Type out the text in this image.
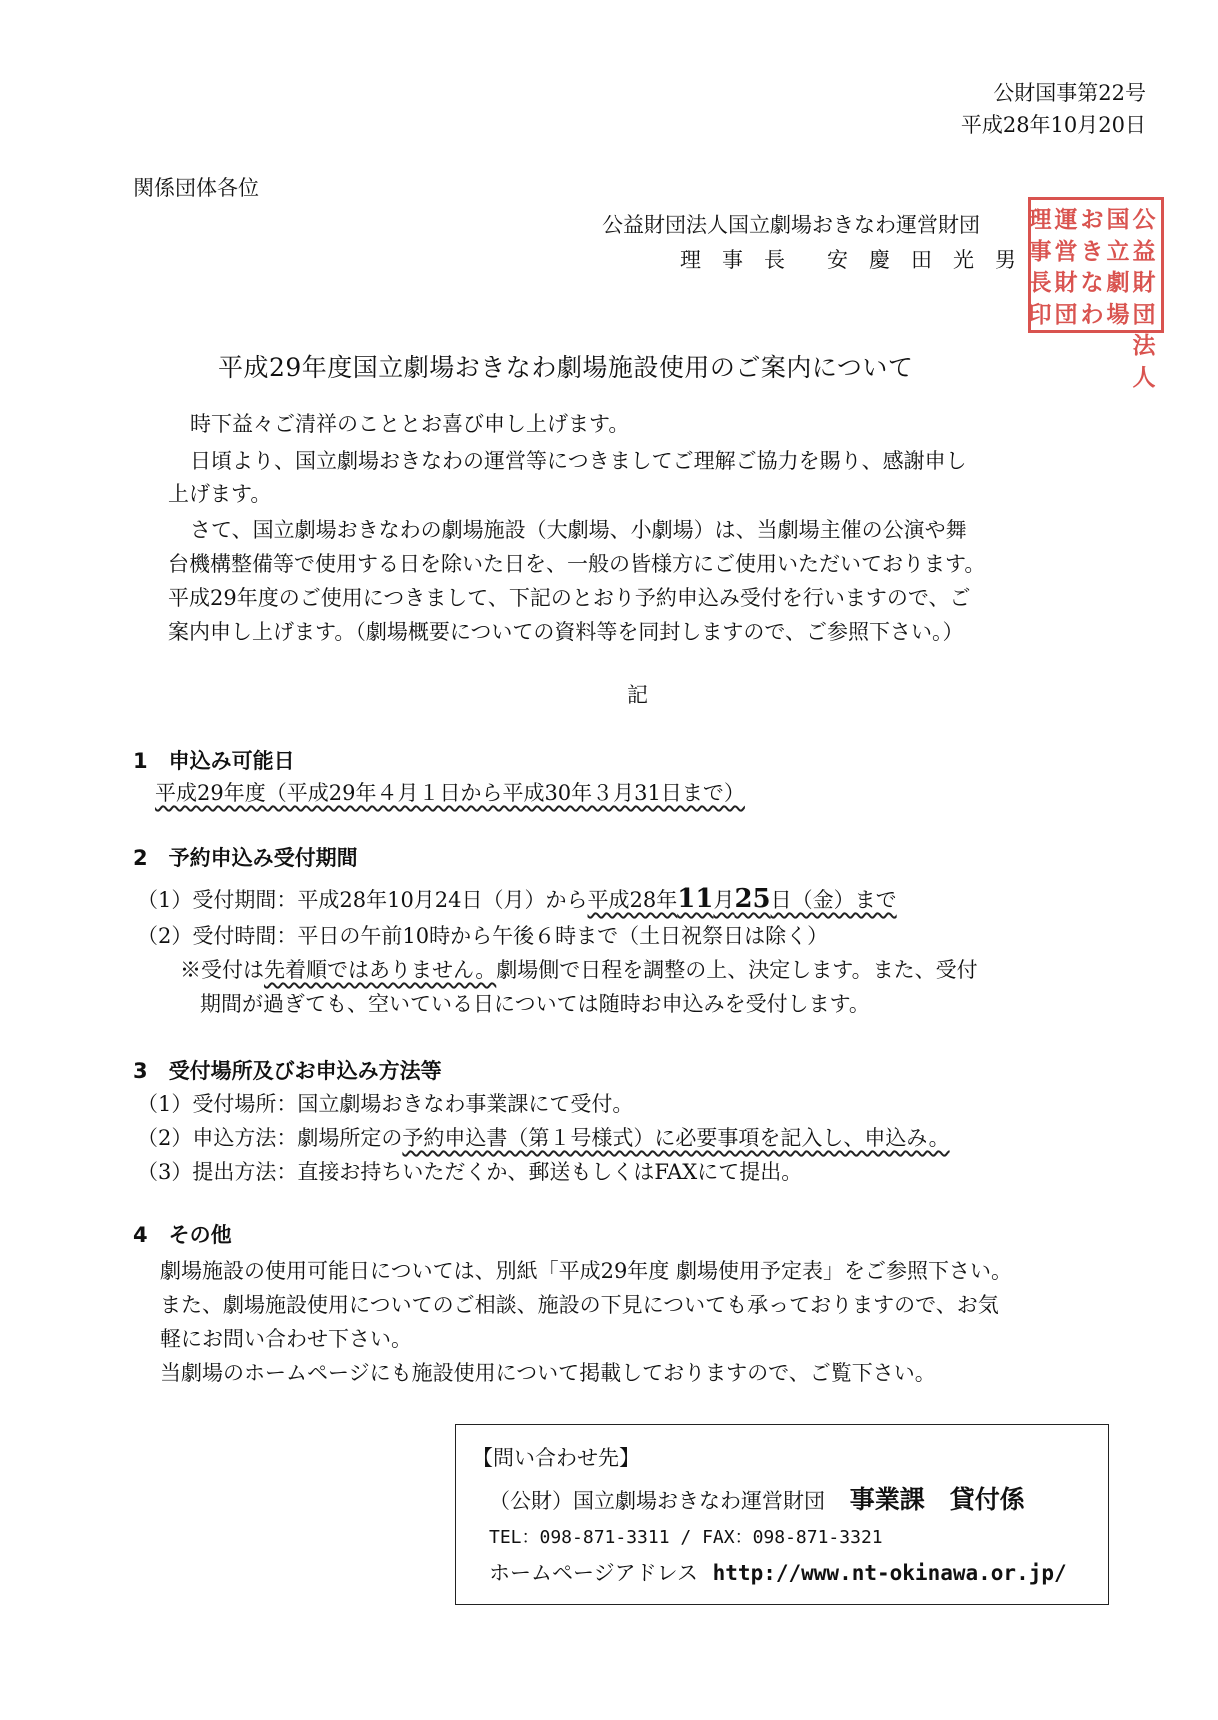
公財国事第22号
平成28年10月20日
関係団体各位
公益財団法人国立劇場おきなわ運営財団
理　事　長　　安　慶　田　光　男
公益財団法人
国立劇場
おきなわ
運営財団
理事長印
平成29年度国立劇場おきなわ劇場施設使用のご案内について
時下益々ご清祥のこととお喜び申し上げます。
日頃より、国立劇場おきなわの運営等につきましてご理解ご協力を賜り、感謝申し
上げます。
さて、国立劇場おきなわの劇場施設（大劇場、小劇場）は、当劇場主催の公演や舞
台機構整備等で使用する日を除いた日を、一般の皆様方にご使用いただいております。
平成29年度のご使用につきまして、下記のとおり予約申込み受付を行いますので、ご
案内申し上げます。（劇場概要についての資料等を同封しますので、ご参照下さい。）
記
1　申込み可能日
平成29年度（平成29年４月１日から平成30年３月31日まで）
2　予約申込み受付期間
（1）受付期間：平成28年10月24日（月）から平成28年11月25日（金）まで
（2）受付時間：平日の午前10時から午後６時まで（土日祝祭日は除く）
※受付は先着順ではありません。劇場側で日程を調整の上、決定します。また、受付
期間が過ぎても、空いている日については随時お申込みを受付します。
3　受付場所及びお申込み方法等
（1）受付場所：国立劇場おきなわ事業課にて受付。
（2）申込方法：劇場所定の予約申込書（第１号様式）に必要事項を記入し、申込み。
（3）提出方法：直接お持ちいただくか、郵送もしくはFAXにて提出。
4　その他
劇場施設の使用可能日については、別紙「平成29年度 劇場使用予定表」をご参照下さい。
また、劇場施設使用についてのご相談、施設の下見についても承っておりますので、お気
軽にお問い合わせ下さい。
当劇場のホームページにも施設使用について掲載しておりますので、ご覧下さい。
【問い合わせ先】
（公財）国立劇場おきなわ運営財団 事業課　貸付係
TEL：098-871-3311 / FAX：098-871-3321
ホームページアドレス http://www.nt-okinawa.or.jp/
